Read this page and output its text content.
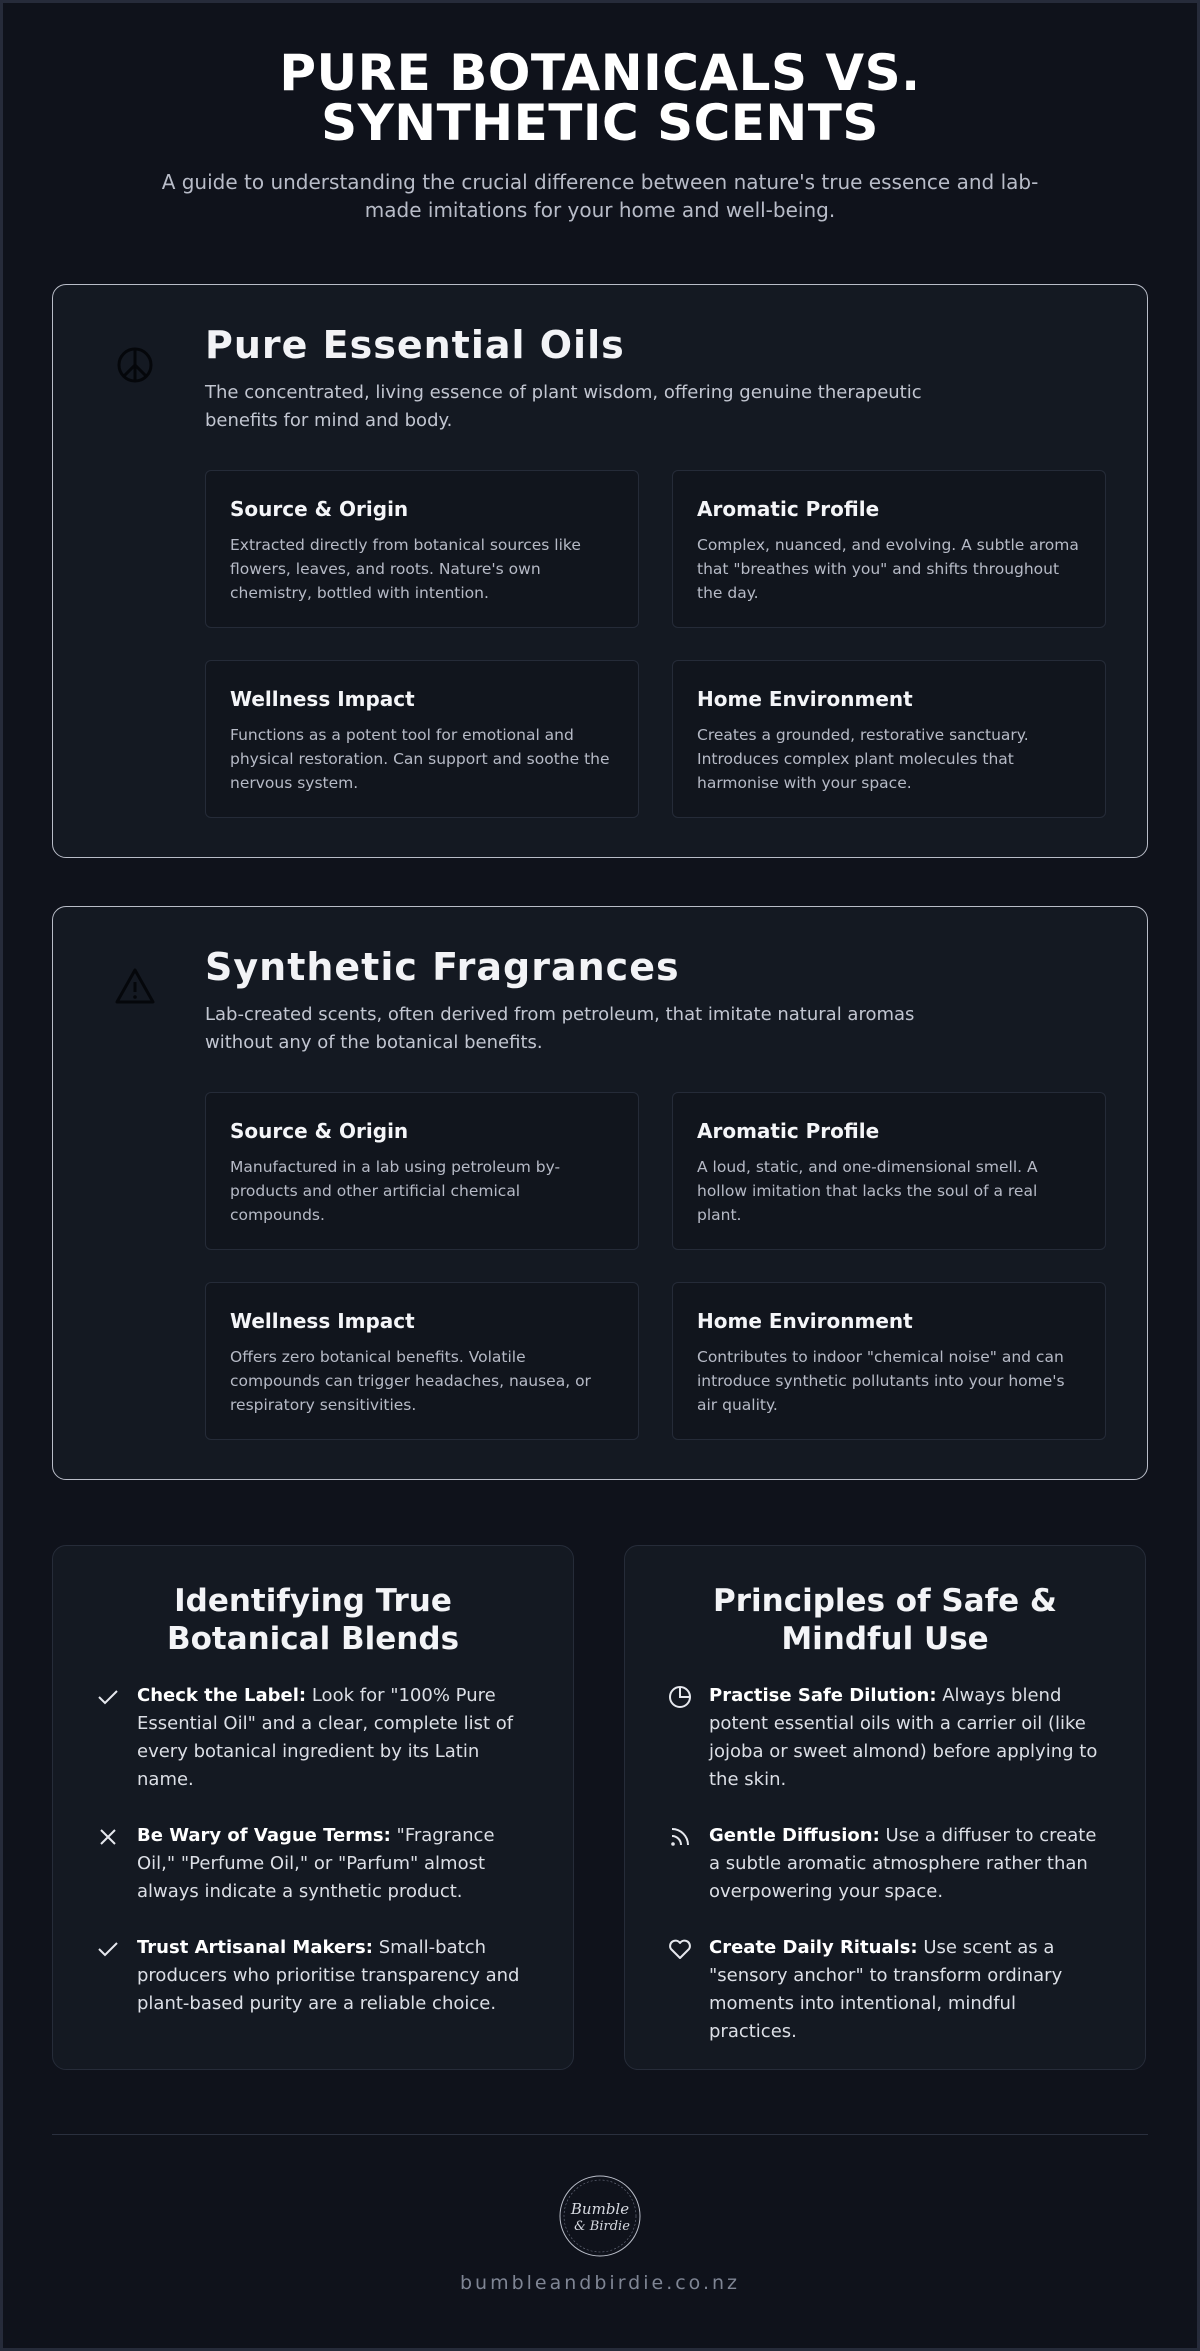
PURE BOTANICALS VS. SYNTHETIC SCENTS

A guide to understanding the crucial difference between nature's true essence and lab-made imitations for your home and well-being.

Pure Essential Oils
The concentrated, living essence of plant wisdom, offering genuine therapeutic benefits for mind and body.
Source & Origin

Extracted directly from botanical sources like flowers, leaves, and roots. Nature's own chemistry, bottled with intention.

Aromatic Profile

Complex, nuanced, and evolving. A subtle aroma that "breathes with you" and shifts throughout the day.

Wellness Impact

Functions as a potent tool for emotional and physical restoration. Can support and soothe the nervous system.

Home Environment

Creates a grounded, restorative sanctuary. Introduces complex plant molecules that harmonise with your space.

Synthetic Fragrances
Lab-created scents, often derived from petroleum, that imitate natural aromas without any of the botanical benefits.
Source & Origin

Manufactured in a lab using petroleum by-products and other artificial chemical compounds.

Aromatic Profile

A loud, static, and one-dimensional smell. A hollow imitation that lacks the soul of a real plant.

Wellness Impact

Offers zero botanical benefits. Volatile compounds can trigger headaches, nausea, or respiratory sensitivities.

Home Environment

Contributes to indoor "chemical noise" and can introduce synthetic pollutants into your home's air quality.

Identifying True Botanical Blends
Check the Label: Look for "100% Pure Essential Oil" and a clear, complete list of every botanical ingredient by its Latin name.
Be Wary of Vague Terms: "Fragrance Oil," "Perfume Oil," or "Parfum" almost always indicate a synthetic product.
Trust Artisanal Makers: Small-batch producers who prioritise transparency and plant-based purity are a reliable choice.
Principles of Safe & Mindful Use
Practise Safe Dilution: Always blend potent essential oils with a carrier oil (like jojoba or sweet almond) before applying to the skin.
Gentle Diffusion: Use a diffuser to create a subtle aromatic atmosphere rather than overpowering your space.
Create Daily Rituals: Use scent as a "sensory anchor" to transform ordinary moments into intentional, mindful practices.
Bumble
& Birdie
bumbleandbirdie.co.nz
